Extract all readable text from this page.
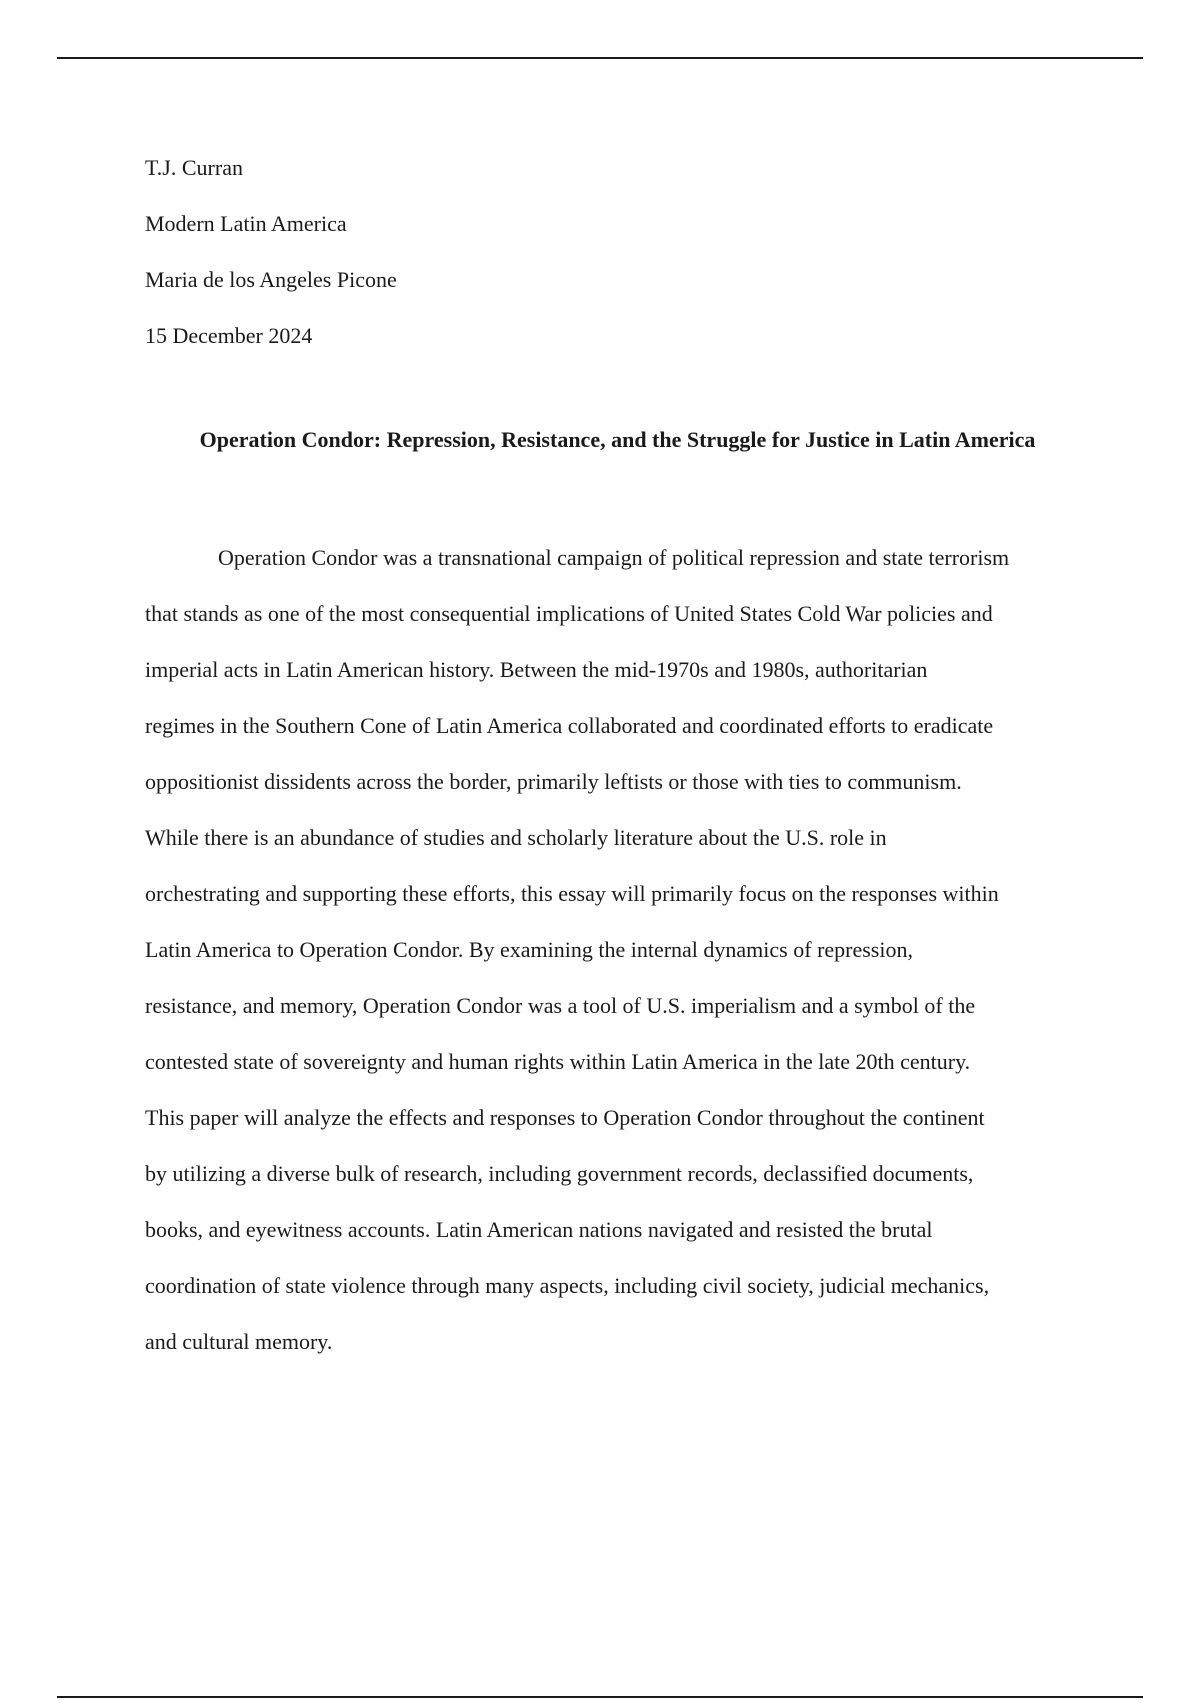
T.J. Curran
Modern Latin America
Maria de los Angeles Picone
15 December 2024
Operation Condor: Repression, Resistance, and the Struggle for Justice in Latin America
Operation Condor was a transnational campaign of political repression and state terrorism
that stands as one of the most consequential implications of United States Cold War policies and
imperial acts in Latin American history. Between the mid-1970s and 1980s, authoritarian
regimes in the Southern Cone of Latin America collaborated and coordinated efforts to eradicate
oppositionist dissidents across the border, primarily leftists or those with ties to communism.
While there is an abundance of studies and scholarly literature about the U.S. role in
orchestrating and supporting these efforts, this essay will primarily focus on the responses within
Latin America to Operation Condor. By examining the internal dynamics of repression,
resistance, and memory, Operation Condor was a tool of U.S. imperialism and a symbol of the
contested state of sovereignty and human rights within Latin America in the late 20th century.
This paper will analyze the effects and responses to Operation Condor throughout the continent
by utilizing a diverse bulk of research, including government records, declassified documents,
books, and eyewitness accounts. Latin American nations navigated and resisted the brutal
coordination of state violence through many aspects, including civil society, judicial mechanics,
and cultural memory.
